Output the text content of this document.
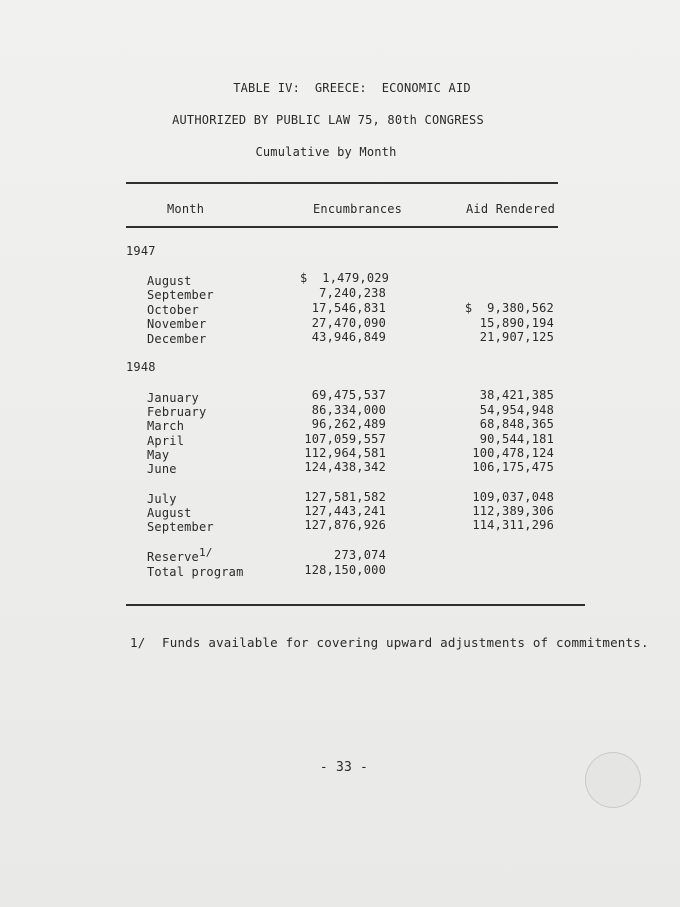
TABLE IV:  GREECE:  ECONOMIC AID
AUTHORIZED BY PUBLIC LAW 75, 80th CONGRESS
Cumulative by Month
Month	Encumbrances	Aid Rendered
1947
August	$  1,479,029
September	7,240,238
October	17,546,831	$  9,380,562
November	27,470,090	15,890,194
December	43,946,849	21,907,125
1948
January	69,475,537	38,421,385
February	86,334,000	54,954,948
March	96,262,489	68,848,365
April	107,059,557	90,544,181
May	112,964,581	100,478,124
June	124,438,342	106,175,475
July	127,581,582	109,037,048
August	127,443,241	112,389,306
September	127,876,926	114,311,296
Reserve1/	273,074
Total program	128,150,000
1/ Funds available for covering upward adjustments of commitments.
- 33 -
